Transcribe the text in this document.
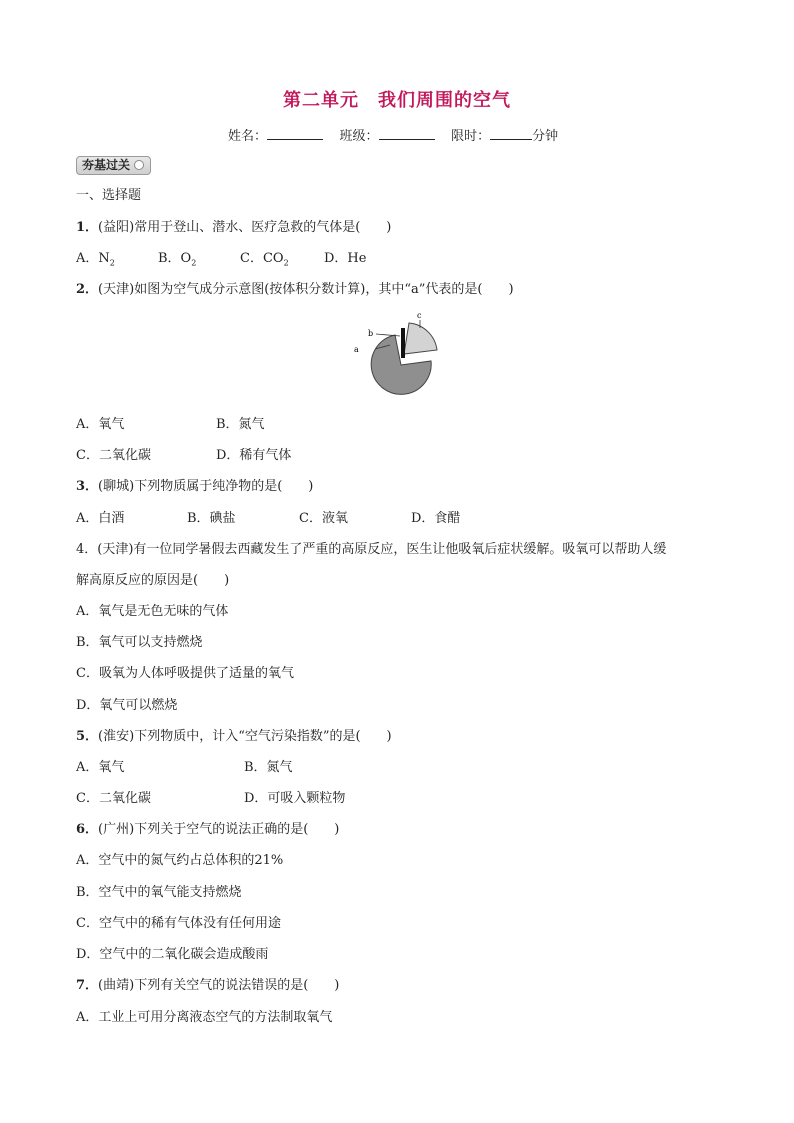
第二单元　我们周围的空气
姓名：	班级：	限时：	分钟
夯基过关
一、选择题
1．(益阳)常用于登山、潜水、医疗急救的气体是(　　)
A．$N_2$	B．$O_2$	C．$CO_2$	D．He
2．(天津)如图为空气成分示意图(按体积分数计算)，其中“a”代表的是(　　)
a
b
c
A．氧气	B．氮气
C．二氧化碳	D．稀有气体
3．(聊城)下列物质属于纯净物的是(　　)
A．白酒	B．碘盐	C．液氧	D．食醋
4．(天津)有一位同学暑假去西藏发生了严重的高原反应，医生让他吸氧后症状缓解。吸氧可以帮助人缓
解高原反应的原因是(　　)
A．氧气是无色无味的气体
B．氧气可以支持燃烧
C．吸氧为人体呼吸提供了适量的氧气
D．氧气可以燃烧
5．(淮安)下列物质中，计入“空气污染指数”的是(　　)
A．氧气	B．氮气
C．二氧化碳	D．可吸入颗粒物
6．(广州)下列关于空气的说法正确的是(　　)
A．空气中的氮气约占总体积的21%
B．空气中的氧气能支持燃烧
C．空气中的稀有气体没有任何用途
D．空气中的二氧化碳会造成酸雨
7．(曲靖)下列有关空气的说法错误的是(　　)
A．工业上可用分离液态空气的方法制取氧气
